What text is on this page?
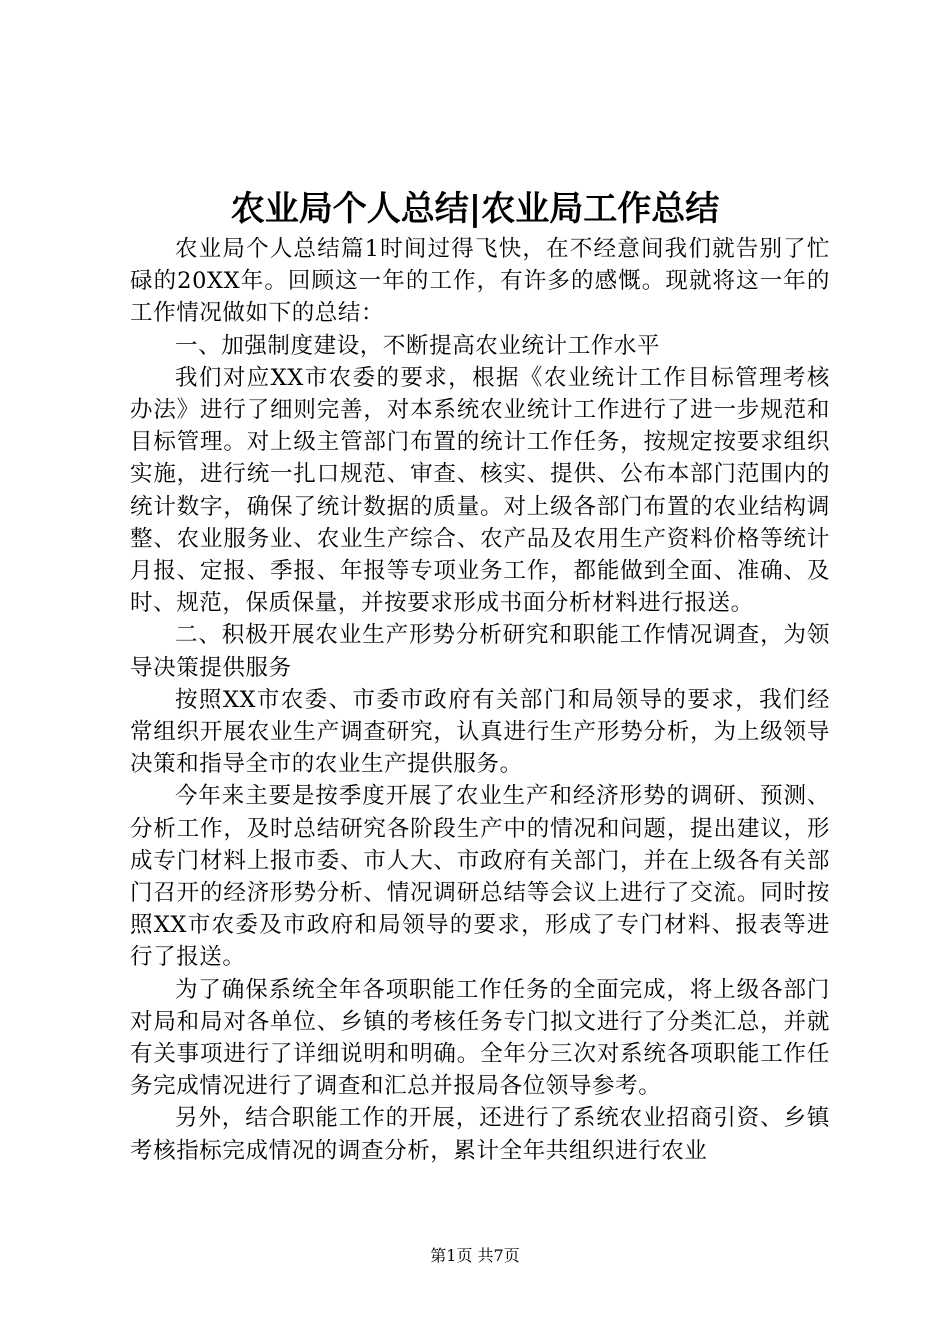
农业局个人总结|农业局工作总结

农业局个人总结篇1时间过得飞快，在不经意间我们就告别了忙碌的20XX年。回顾这一年的工作，有许多的感慨。现就将这一年的工作情况做如下的总结：

一、加强制度建设，不断提高农业统计工作水平

我们对应XX市农委的要求，根据《农业统计工作目标管理考核办法》进行了细则完善，对本系统农业统计工作进行了进一步规范和目标管理。对上级主管部门布置的统计工作任务，按规定按要求组织实施，进行统一扎口规范、审查、核实、提供、公布本部门范围内的统计数字，确保了统计数据的质量。对上级各部门布置的农业结构调整、农业服务业、农业生产综合、农产品及农用生产资料价格等统计月报、定报、季报、年报等专项业务工作，都能做到全面、准确、及时、规范，保质保量，并按要求形成书面分析材料进行报送。

二、积极开展农业生产形势分析研究和职能工作情况调查，为领导决策提供服务

按照XX市农委、市委市政府有关部门和局领导的要求，我们经常组织开展农业生产调查研究，认真进行生产形势分析，为上级领导决策和指导全市的农业生产提供服务。

今年来主要是按季度开展了农业生产和经济形势的调研、预测、分析工作，及时总结研究各阶段生产中的情况和问题，提出建议，形成专门材料上报市委、市人大、市政府有关部门，并在上级各有关部门召开的经济形势分析、情况调研总结等会议上进行了交流。同时按照XX市农委及市政府和局领导的要求，形成了专门材料、报表等进行了报送。

为了确保系统全年各项职能工作任务的全面完成，将上级各部门对局和局对各单位、乡镇的考核任务专门拟文进行了分类汇总，并就有关事项进行了详细说明和明确。全年分三次对系统各项职能工作任务完成情况进行了调查和汇总并报局各位领导参考。

另外，结合职能工作的开展，还进行了系统农业招商引资、乡镇考核指标完成情况的调查分析，累计全年共组织进行农业

第1页 共7页
